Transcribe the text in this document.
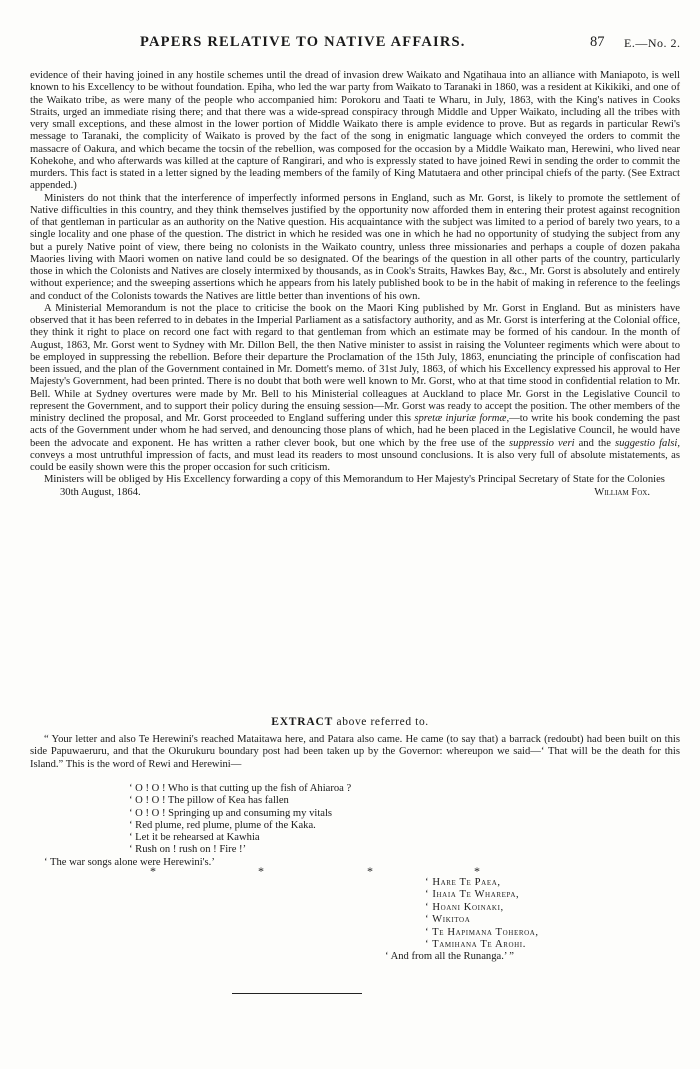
PAPERS RELATIVE TO NATIVE AFFAIRS.	87 E.—No. 2.

evidence of their having joined in any hostile schemes until the dread of invasion drew Waikato and Ngatihaua into an alliance with Maniapoto, is well known to his Excellency to be without foundation. Epiha, who led the war party from Waikato to Taranaki in 1860, was a resident at Kikikiki, and one of the Waikato tribe, as were many of the people who accompanied him: Porokoru and Taati te Wharu, in July, 1863, with the King's natives in Cooks Straits, urged an immediate rising there; and that there was a wide-spread conspiracy through Middle and Upper Waikato, including all the tribes with very small exceptions, and these almost in the lower portion of Middle Waikato there is ample evidence to prove. But as regards in particular Rewi's message to Taranaki, the complicity of Waikato is proved by the fact of the song in enigmatic language which conveyed the orders to commit the massacre of Oakura, and which became the tocsin of the rebellion, was composed for the occasion by a Middle Waikato man, Herewini, who lived near Kohekohe, and who afterwards was killed at the capture of Rangirari, and who is expressly stated to have joined Rewi in sending the order to commit the murders. This fact is stated in a letter signed by the leading members of the family of King Matutaera and other principal chiefs of the party. (See Extract appended.)

Ministers do not think that the interference of imperfectly informed persons in England, such as Mr. Gorst, is likely to promote the settlement of Native difficulties in this country, and they think themselves justified by the opportunity now afforded them in entering their protest against recognition of that gentleman in particular as an authority on the Native question. His acquaintance with the subject was limited to a period of barely two years, to a single locality and one phase of the question. The district in which he resided was one in which he had no opportunity of studying the subject from any but a purely Native point of view, there being no colonists in the Waikato country, unless three missionaries and perhaps a couple of dozen pakaha Maories living with Maori women on native land could be so designated. Of the bearings of the question in all other parts of the country, particularly those in which the Colonists and Natives are closely intermixed by thousands, as in Cook's Straits, Hawkes Bay, &c., Mr. Gorst is absolutely and entirely without experience; and the sweeping assertions which he appears from his lately published book to be in the habit of making in reference to the feelings and conduct of the Colonists towards the Natives are little better than inventions of his own.

A Ministerial Memorandum is not the place to criticise the book on the Maori King published by Mr. Gorst in England. But as ministers have observed that it has been referred to in debates in the Imperial Parliament as a satisfactory authority, and as Mr. Gorst is interfering at the Colonial office, they think it right to place on record one fact with regard to that gentleman from which an estimate may be formed of his candour. In the month of August, 1863, Mr. Gorst went to Sydney with Mr. Dillon Bell, the then Native minister to assist in raising the Volunteer regiments which were about to be employed in suppressing the rebellion. Before their departure the Proclamation of the 15th July, 1863, enunciating the principle of confiscation had been issued, and the plan of the Government contained in Mr. Domett's memo. of 31st July, 1863, of which his Excellency expressed his approval to Her Majesty's Government, had been printed. There is no doubt that both were well known to Mr. Gorst, who at that time stood in confidential relation to Mr. Bell. While at Sydney overtures were made by Mr. Bell to his Ministerial colleagues at Auckland to place Mr. Gorst in the Legislative Council to represent the Government, and to support their policy during the ensuing session—Mr. Gorst was ready to accept the position. The other members of the ministry declined the proposal, and Mr. Gorst proceeded to England suffering under this spretæ injuriæ formæ,—to write his book condeming the past acts of the Government under whom he had served, and denouncing those plans of which, had he been placed in the Legislative Council, he would have been the advocate and exponent. He has written a rather clever book, but one which by the free use of the suppressio veri and the suggestio falsi, conveys a most untruthful impression of facts, and must lead its readers to most unsound conclusions. It is also very full of absolute mistatements, as could be easily shown were this the proper occasion for such criticism.

Ministers will be obliged by His Excellency forwarding a copy of this Memorandum to Her Majesty's Principal Secretary of State for the Colonies

30th August, 1864.	William Fox.
EXTRACT above referred to.

“ Your letter and also Te Herewini's reached Mataitawa here, and Patara also came. He came (to say that) a barrack (redoubt) had been built on this side Papuwaeruru, and that the Okurukuru boundary post had been taken up by the Governor: whereupon we said—‘ That will be the death for this Island.” This is the word of Rewi and Herewini—

‘ O ! O ! Who is that cutting up the fish of Ahiaroa ?
‘ O ! O ! The pillow of Kea has fallen
‘ O ! O ! Springing up and consuming my vitals
‘ Red plume, red plume, plume of the Kaka.
‘ Let it be rehearsed at Kawhia
‘ Rush on ! rush on ! Fire !’
‘ The war songs alone were Herewini's.’
*	*	*	*
‘ Hare Te Paea,
‘ Ihaia Te Wharepa,
‘ Hoani Koinaki,
‘ Wikitoa
‘ Te Hapimana Toheroa,
‘ Tamihana Te Arohi.
‘ And from all the Runanga.’ ”
